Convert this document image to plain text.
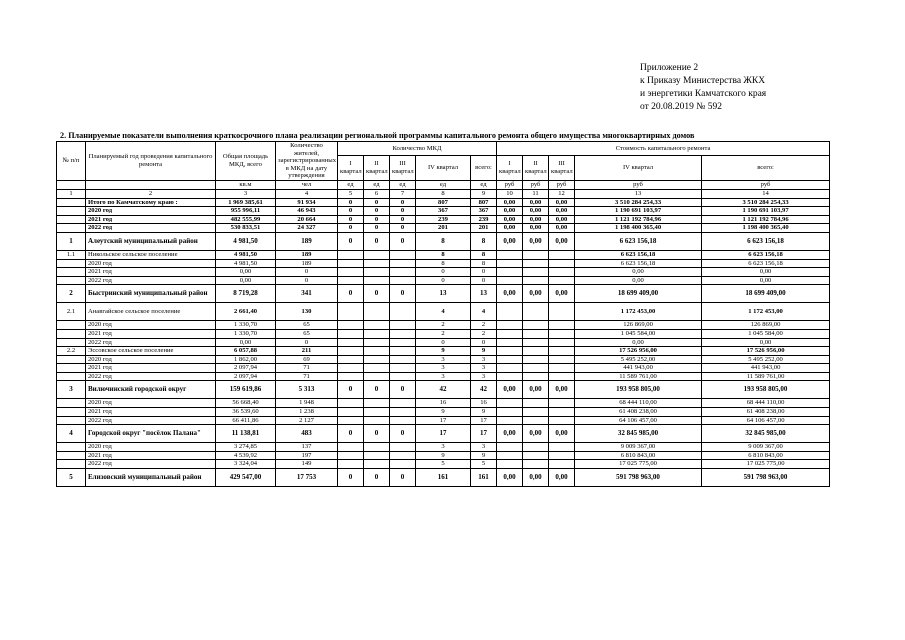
Приложение 2
к Приказу Министерства ЖКХ
и энергетики Камчатского края
от 20.08.2019 № 592
2. Планируемые показатели выполнения краткосрочного плана реализации региональной программы капитального ремонта общего имущества многоквартирных домов
№ п/п	Планируемый год проведения капитального ремонта	Общая площадь МКД, всего	Количество жителей, зарегистрированных в МКД на дату утверждения	Количество МКД					Стоимость капитального ремонта				
				I квартал	II квартал	III квартал	IV квартал	всего:	I квартал	II квартал	III квартал	IV квартал	всего:
		кв.м	чел	ед	ед	ед	ед	ед	руб	руб	руб	руб	руб
1	2	3	4	5	6	7	8	9	10	11	12	13	14
	Итого по Камчатскому краю :	1 969 385,61	91 934	0	0	0	807	807	0,00	0,00	0,00	3 510 284 254,33	3 510 284 254,33
	2020 год	955 996,11	46 943	0	0	0	367	367	0,00	0,00	0,00	1 190 691 103,97	1 190 691 103,97
	2021 год	482 555,99	20 664	0	0	0	239	239	0,00	0,00	0,00	1 121 192 784,96	1 121 192 784,96
	2022 год	530 833,51	24 327	0	0	0	201	201	0,00	0,00	0,00	1 198 400 365,40	1 198 400 365,40
1	Алеутский муниципальный район	4 981,50	189	0	0	0	8	8	0,00	0,00	0,00	6 623 156,18	6 623 156,18
1.1	Никольское сельское поселение	4 981,50	189				8	8				6 623 156,18	6 623 156,18
	2020 год	4 981,50	189				8	8				6 623 156,18	6 623 156,18
	2021 год	0,00	0				0	0				0,00	0,00
	2022 год	0,00	0				0	0				0,00	0,00
2	Быстринский муниципальный район	8 719,28	341	0	0	0	13	13	0,00	0,00	0,00	18 699 409,00	18 699 409,00
2.1	Анавгайское сельское поселение	2 661,40	130				4	4				1 172 453,00	1 172 453,00
	2020 год	1 330,70	65				2	2				126 869,00	126 869,00
	2021 год	1 330,70	65				2	2				1 045 584,00	1 045 584,00
	2022 год	0,00	0				0	0				0,00	0,00
2.2	Эссовское сельское поселение	6 057,88	211				9	9				17 526 956,00	17 526 956,00
	2020 год	1 862,00	69				3	3				5 495 252,00	5 495 252,00
	2021 год	2 097,94	71				3	3				441 943,00	441 943,00
	2022 год	2 097,94	71				3	3				11 589 761,00	11 589 761,00
3	Вилючинский городской округ	159 619,86	5 313	0	0	0	42	42	0,00	0,00	0,00	193 958 805,00	193 958 805,00
	2020 год	56 668,40	1 948				16	16				68 444 110,00	68 444 110,00
	2021 год	36 539,60	1 238				9	9				61 408 238,00	61 408 238,00
	2022 год	66 411,86	2 127				17	17				64 106 457,00	64 106 457,00
4	Городской округ "посёлок Палана"	11 138,81	483	0	0	0	17	17	0,00	0,00	0,00	32 845 985,00	32 845 985,00
	2020 год	3 274,85	137				3	3				9 009 367,00	9 009 367,00
	2021 год	4 539,92	197				9	9				6 810 843,00	6 810 843,00
	2022 год	3 324,04	149				5	5				17 025 775,00	17 025 775,00
5	Елизовский муниципальный район	429 547,00	17 753	0	0	0	161	161	0,00	0,00	0,00	591 798 963,00	591 798 963,00
